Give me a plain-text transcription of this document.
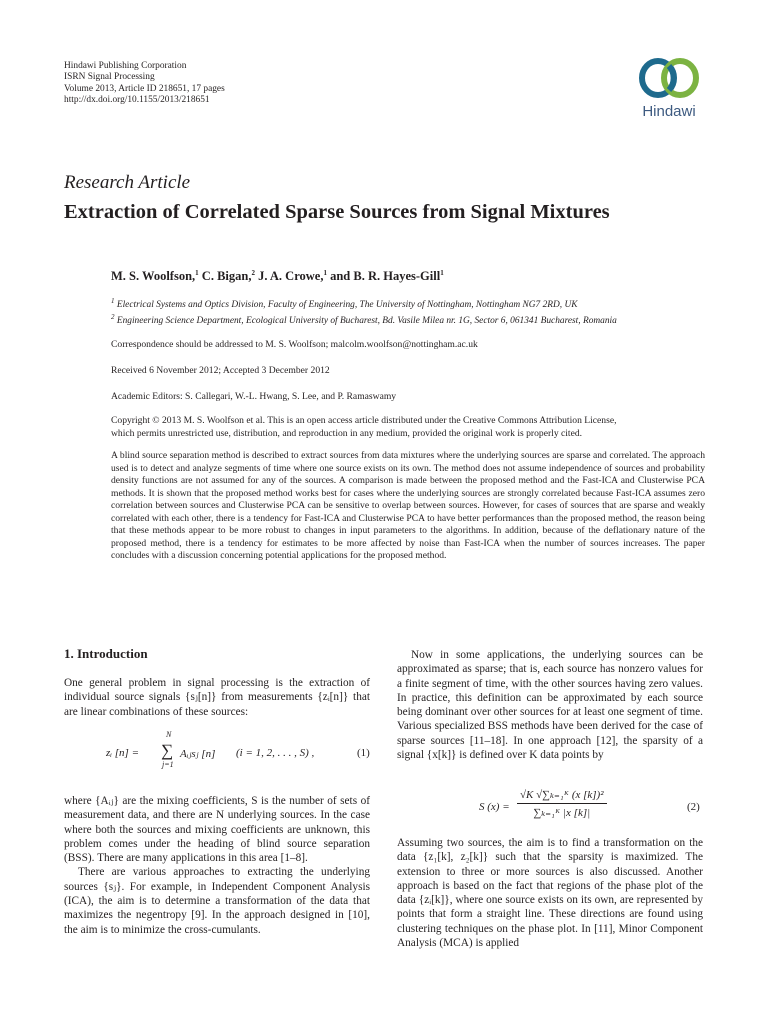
Hindawi Publishing Corporation
ISRN Signal Processing
Volume 2013, Article ID 218651, 17 pages
http://dx.doi.org/10.1155/2013/218651
Hindawi
Research Article
Extraction of Correlated Sparse Sources from Signal Mixtures
M. S. Woolfson,$^1$ C. Bigan,$^2$ J. A. Crowe,$^1$ and B. R. Hayes-Gill$^1$
$^1$ Electrical Systems and Optics Division, Faculty of Engineering, The University of Nottingham, Nottingham NG7 2RD, UK
$^2$ Engineering Science Department, Ecological University of Bucharest, Bd. Vasile Milea nr. 1G, Sector 6, 061341 Bucharest, Romania
Correspondence should be addressed to M. S. Woolfson; malcolm.woolfson@nottingham.ac.uk
Received 6 November 2012; Accepted 3 December 2012
Academic Editors: S. Callegari, W.-L. Hwang, S. Lee, and P. Ramaswamy
Copyright © 2013 M. S. Woolfson et al. This is an open access article distributed under the Creative Commons Attribution License,
which permits unrestricted use, distribution, and reproduction in any medium, provided the original work is properly cited.
A blind source separation method is described to extract sources from data mixtures where the underlying sources are sparse and correlated. The approach used is to detect and analyze segments of time where one source exists on its own. The method does not assume independence of sources and probability density functions are not assumed for any of the sources. A comparison is made between the proposed method and the Fast-ICA and Clusterwise PCA methods. It is shown that the proposed method works best for cases where the underlying sources are strongly correlated because Fast-ICA assumes zero correlation between sources and Clusterwise PCA can be sensitive to overlap between sources. However, for cases of sources that are sparse and weakly correlated with each other, there is a tendency for Fast-ICA and Clusterwise PCA to have better performances than the proposed method, the reason being that these methods appear to be more robust to changes in input parameters to the algorithms. In addition, because of the deflationary nature of the proposed method, there is a tendency for estimates to be more affected by noise than Fast-ICA when the number of sources increases. The paper concludes with a discussion concerning potential applications for the proposed method.
1. Introduction

One general problem in signal processing is the extraction of individual source signals {sⱼ[n]} from measurements {zᵢ[n]} that are linear combinations of these sources:

zᵢ [n] =
N
∑
j=1
Aᵢⱼsⱼ [n] (i = 1, 2, . . . , S) ,	(1)

where {Aᵢⱼ} are the mixing coefficients, S is the number of sets of measurement data, and there are N underlying sources. In the case where both the sources and mixing coefficients are unknown, this problem comes under the heading of blind source separation (BSS). There are many applications in this area [1–8].

There are various approaches to extracting the underlying sources {sⱼ}. For example, in Independent Component Analysis (ICA), the aim is to determine a transformation of the data that maximizes the negentropy [9]. In the approach designed in [10], the aim is to minimize the cross-cumulants.

Now in some applications, the underlying sources can be approximated as sparse; that is, each source has nonzero values for a finite segment of time, with the other sources having zero values. In practice, this definition can be approximated by each source being dominant over other sources for at least one segment of time. Various specialized BSS methods have been derived for the case of sparse sources [11–18]. In one approach [12], the sparsity of a signal {x[k]} is defined over K data points by

S $(x) = \frac{\text{√K √∑ₖ₌₁ᴷ (x [k])²}}{\text{∑ₖ₌₁ᴷ |x [k]|}}$	(2)

Assuming two sources, the aim is to find a transformation on the data {z₁[k], z₂[k]} such that the sparsity is maximized. The extension to three or more sources is also discussed. Another approach is based on the fact that regions of the phase plot of the data {zᵢ[k]}, where one source exists on its own, are represented by points that form a straight line. These directions are found using clustering techniques on the phase plot. In [11], Minor Component Analysis (MCA) is applied
